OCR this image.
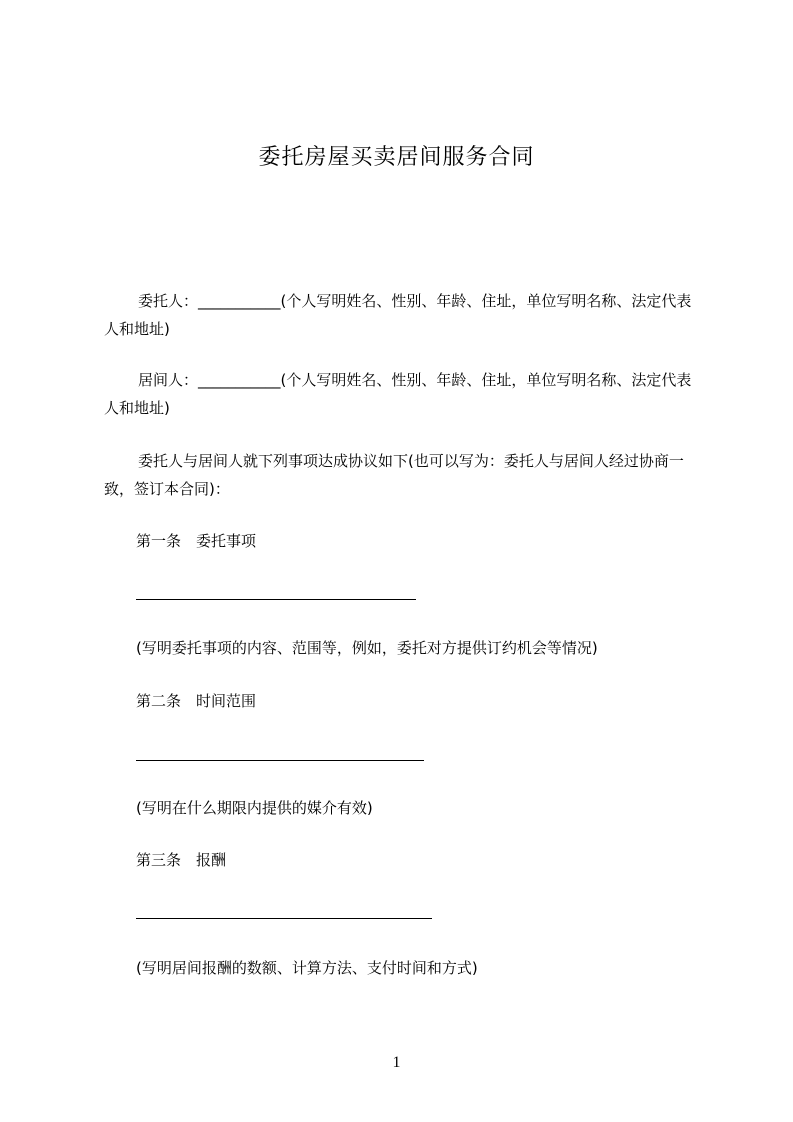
委托房屋买卖居间服务合同
委托人：___________(个人写明姓名、性别、年龄、住址，单位写明名称、法定代表人和地址)
居间人：___________(个人写明姓名、性别、年龄、住址，单位写明名称、法定代表人和地址)
委托人与居间人就下列事项达成协议如下(也可以写为：委托人与居间人经过协商一致，签订本合同)：
第一条　委托事项
(写明委托事项的内容、范围等，例如，委托对方提供订约机会等情况)
第二条　时间范围
(写明在什么期限内提供的媒介有效)
第三条　报酬
(写明居间报酬的数额、计算方法、支付时间和方式)
1
